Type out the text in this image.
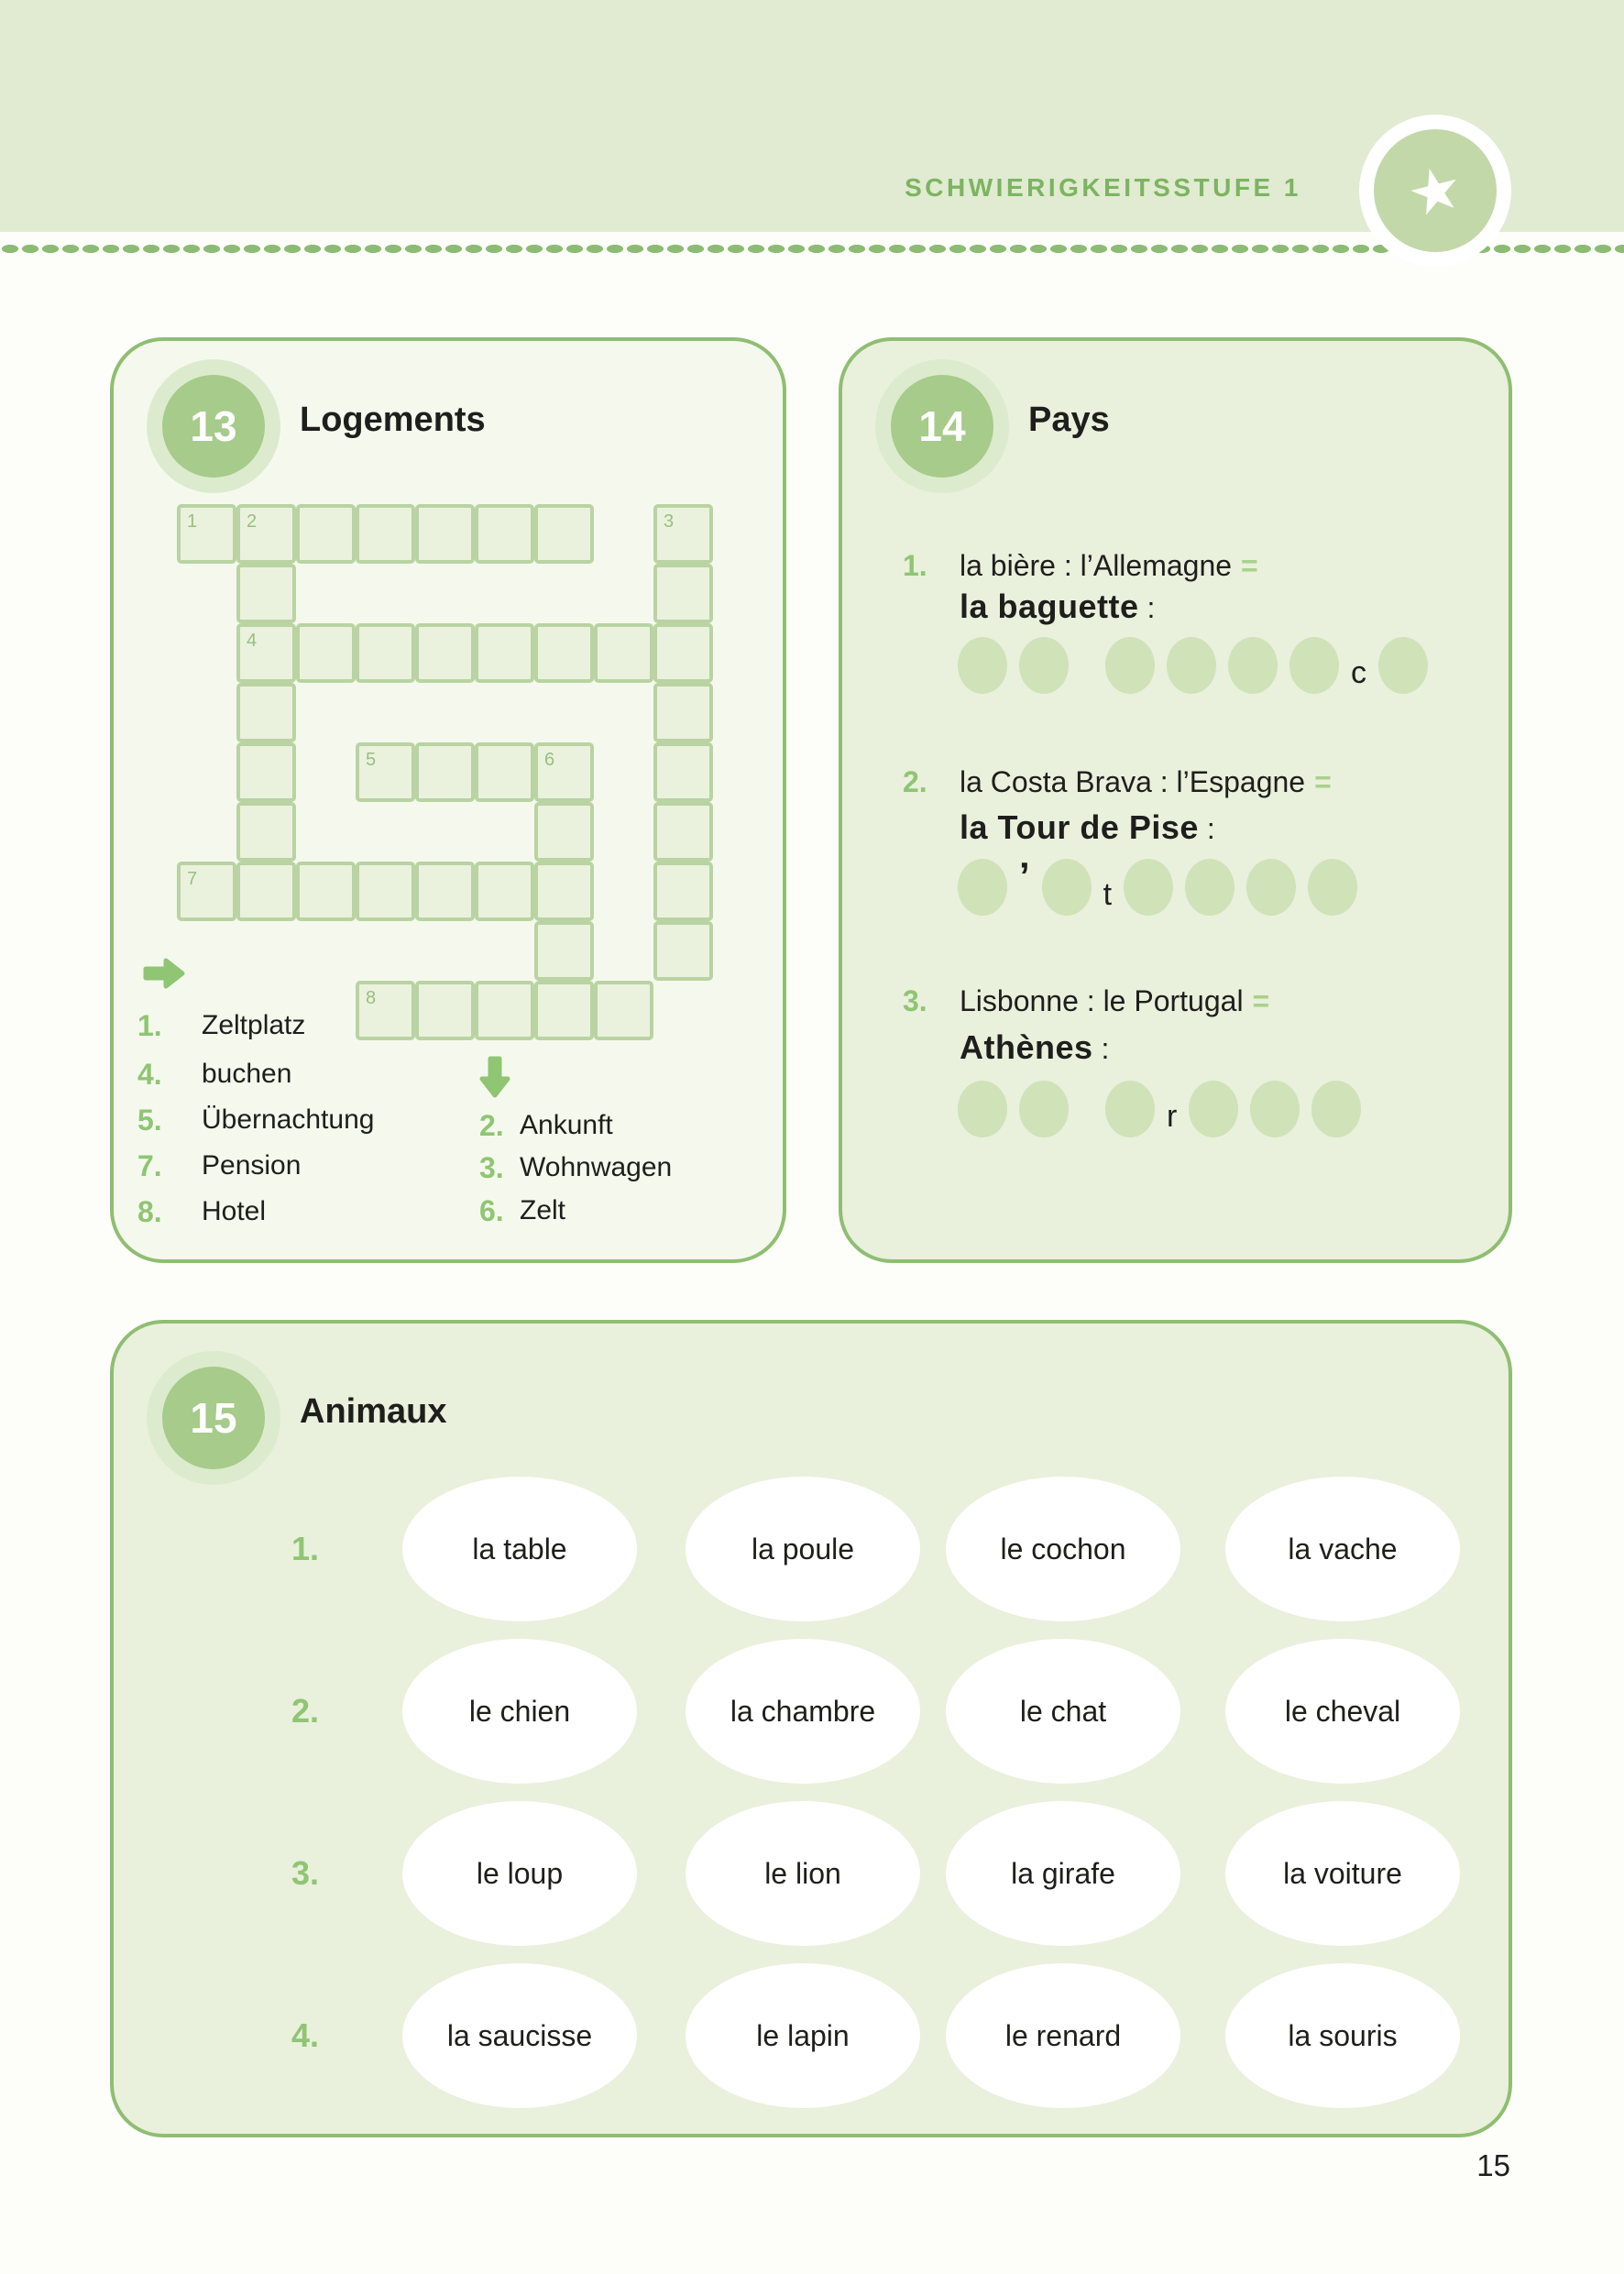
SCHWIERIGKEITSSTUFE 1 ★
13 Logements
1	2	3
4
5	6
7
8
1.	Zeltplatz
4.	buchen
5.	Übernachtung
7.	Pension
8.	Hotel
2. Ankunft
3. Wohnwagen
6. Zelt
14 Pays
1. la bière : l’Allemagne =
la baguette :
c
2. la Costa Brava : l’Espagne =
la Tour de Pise :
’ t
3. Lisbonne : le Portugal =
Athènes :
r
15 Animaux
1.	la table	la poule	le cochon	la vache
2.	le chien	la chambre	le chat	le cheval
3.	le loup	le lion	la girafe	la voiture
4.	la saucisse	le lapin	le renard	la souris
15
